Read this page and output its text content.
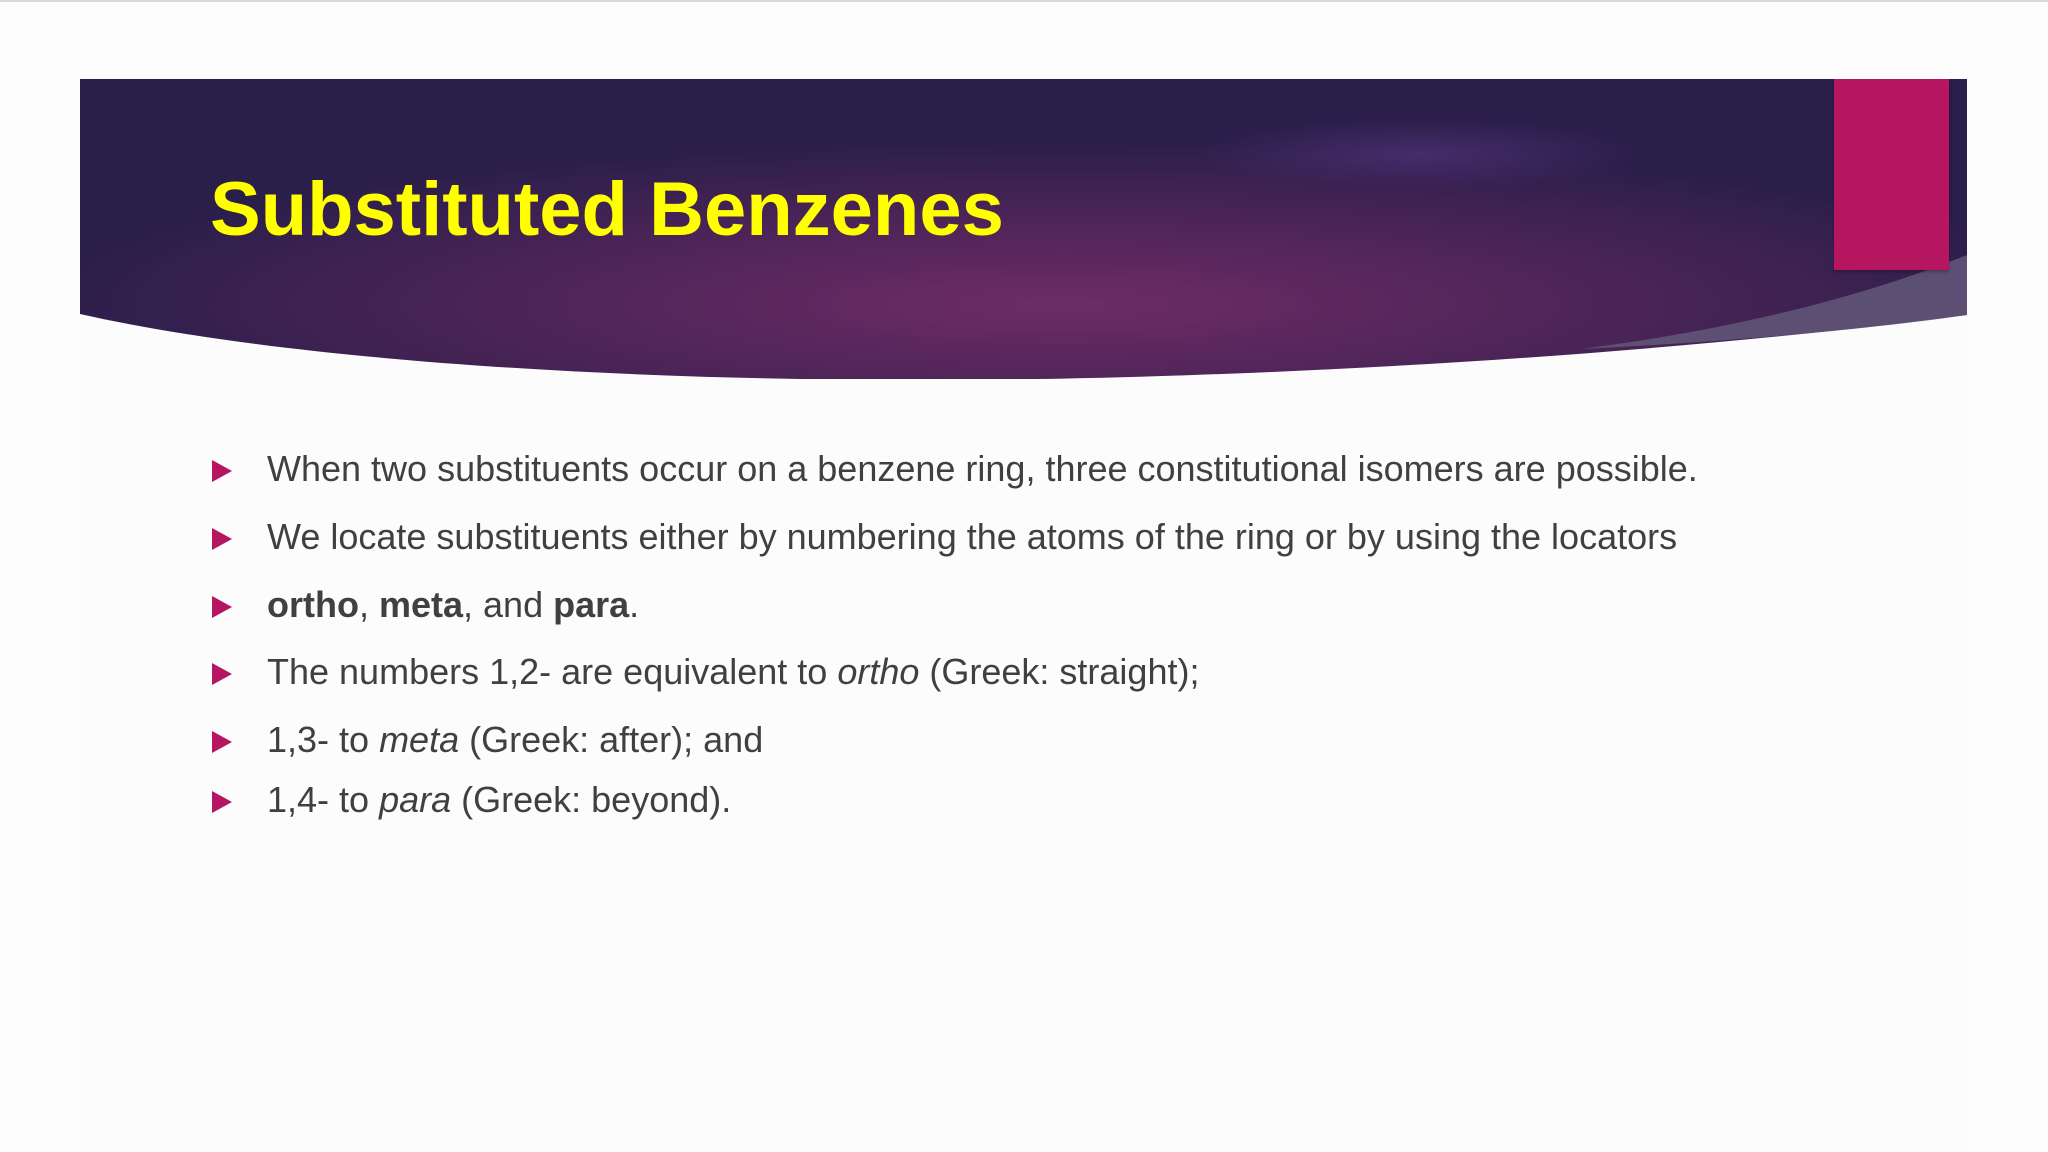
Substituted Benzenes
When two substituents occur on a benzene ring, three constitutional isomers are possible.
We locate substituents either by numbering the atoms of the ring or by using the locators
ortho, meta, and para.
The numbers 1,2- are equivalent to ortho (Greek: straight);
1,3- to meta (Greek: after); and
1,4- to para (Greek: beyond).
